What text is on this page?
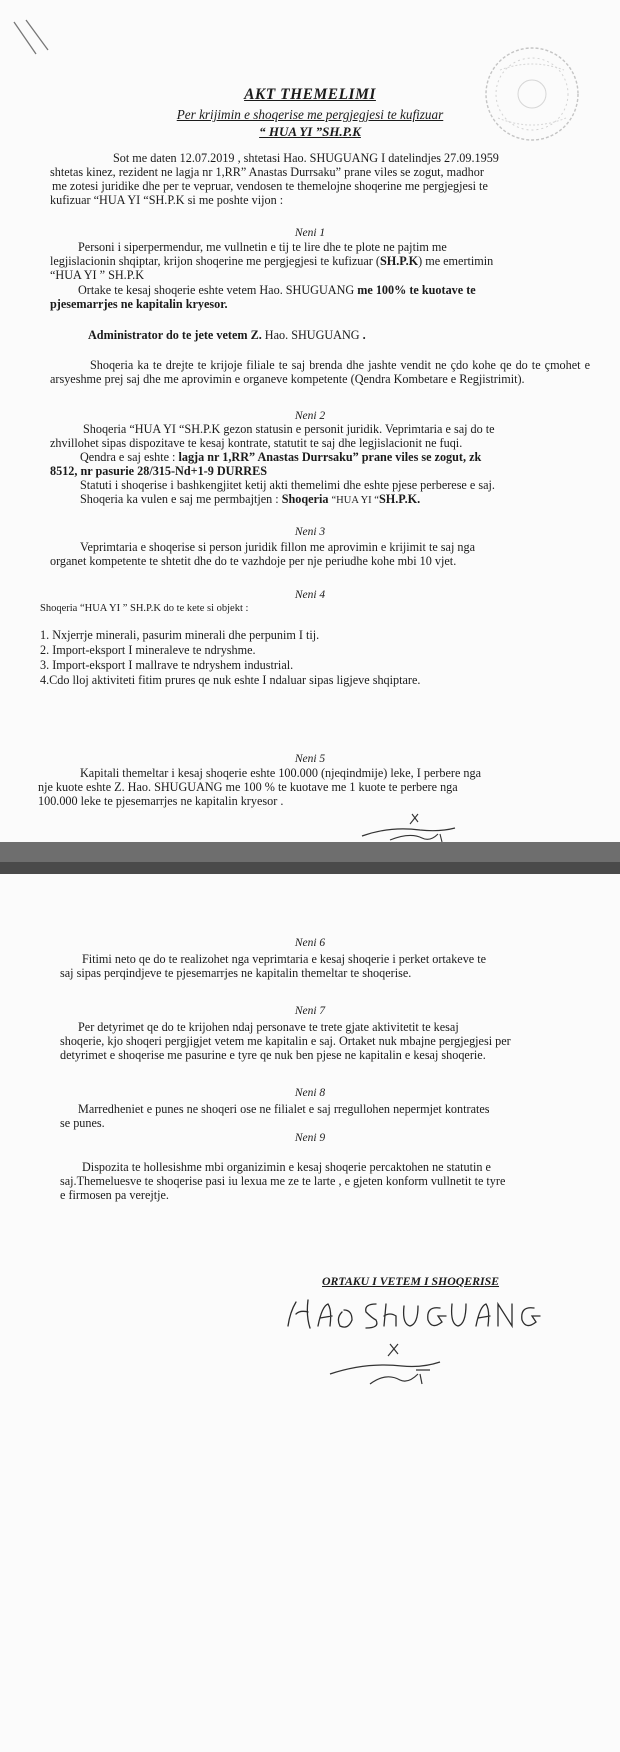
AKT THEMELIMI
Per krijimin e shoqerise me pergjegjesi te kufizuar
“ HUA YI ”SH.P.K
Sot me daten 12.07.2019 , shtetasi Hao. SHUGUANG I datelindjes 27.09.1959
shtetas kinez, rezident ne lagja nr 1,RR” Anastas Durrsaku” prane viles se zogut, madhor
me zotesi juridike dhe per te vepruar, vendosen te themelojne shoqerine me pergjegjesi te
kufizuar “HUA YI “SH.P.K si me poshte vijon :
Neni 1
Personi i siperpermendur, me vullnetin e tij te lire dhe te plote ne pajtim me
legjislacionin shqiptar, krijon shoqerine me pergjegjesi te kufizuar (SH.P.K) me emertimin
“HUA YI ” SH.P.K
Ortake te kesaj shoqerie eshte vetem Hao. SHUGUANG me 100% te kuotave te
pjesemarrjes ne kapitalin kryesor.
Administrator do te jete vetem Z. Hao. SHUGUANG .
Shoqeria ka te drejte te krijoje filiale te saj brenda dhe jashte vendit ne çdo kohe qe do te çmohet e arsyeshme prej saj dhe me aprovimin e organeve kompetente (Qendra Kombetare e Regjistrimit).
Neni 2
Shoqeria “HUA YI “SH.P.K gezon statusin e personit juridik. Veprimtaria e saj do te
zhvillohet sipas dispozitave te kesaj kontrate, statutit te saj dhe legjislacionit ne fuqi.
Qendra e saj eshte : lagja nr 1,RR” Anastas Durrsaku” prane viles se zogut, zk
8512, nr pasurie 28/315-Nd+1-9 DURRES
Statuti i shoqerise i bashkengjitet ketij akti themelimi dhe eshte pjese perberese e saj.
Shoqeria ka vulen e saj me permbajtjen : Shoqeria “HUA YI “SH.P.K.
Neni 3
Veprimtaria e shoqerise si person juridik fillon me aprovimin e krijimit te saj nga
organet kompetente te shtetit dhe do te vazhdoje per nje periudhe kohe mbi 10 vjet.
Neni 4
Shoqeria “HUA YI ” SH.P.K do te kete si objekt :
1. Nxjerrje minerali, pasurim minerali dhe perpunim I tij.
2. Import-eksport I mineraleve te ndryshme.
3. Import-eksport I mallrave te ndryshem industrial.
4.Cdo lloj aktiviteti fitim prures qe nuk eshte I ndaluar sipas ligjeve shqiptare.
Neni 5
Kapitali themeltar i kesaj shoqerie eshte 100.000 (njeqindmije) leke, I perbere nga
nje kuote eshte Z. Hao. SHUGUANG me 100 % te kuotave me 1 kuote te perbere nga
100.000 leke te pjesemarrjes ne kapitalin kryesor .
Neni 6
Fitimi neto qe do te realizohet nga veprimtaria e kesaj shoqerie i perket ortakeve te
saj sipas perqindjeve te pjesemarrjes ne kapitalin themeltar te shoqerise.
Neni 7
Per detyrimet qe do te krijohen ndaj personave te trete gjate aktivitetit te kesaj
shoqerie, kjo shoqeri pergjigjet vetem me kapitalin e saj. Ortaket nuk mbajne pergjegjesi per
detyrimet e shoqerise me pasurine e tyre qe nuk ben pjese ne kapitalin e kesaj shoqerie.
Neni 8
Marredheniet e punes ne shoqeri ose ne filialet e saj rregullohen nepermjet kontrates
se punes.
Neni 9
Dispozita te hollesishme mbi organizimin e kesaj shoqerie percaktohen ne statutin e
saj.Themeluesve te shoqerise pasi iu lexua me ze te larte , e gjeten konform vullnetit te tyre
e firmosen pa verejtje.
ORTAKU I VETEM I SHOQERISE
